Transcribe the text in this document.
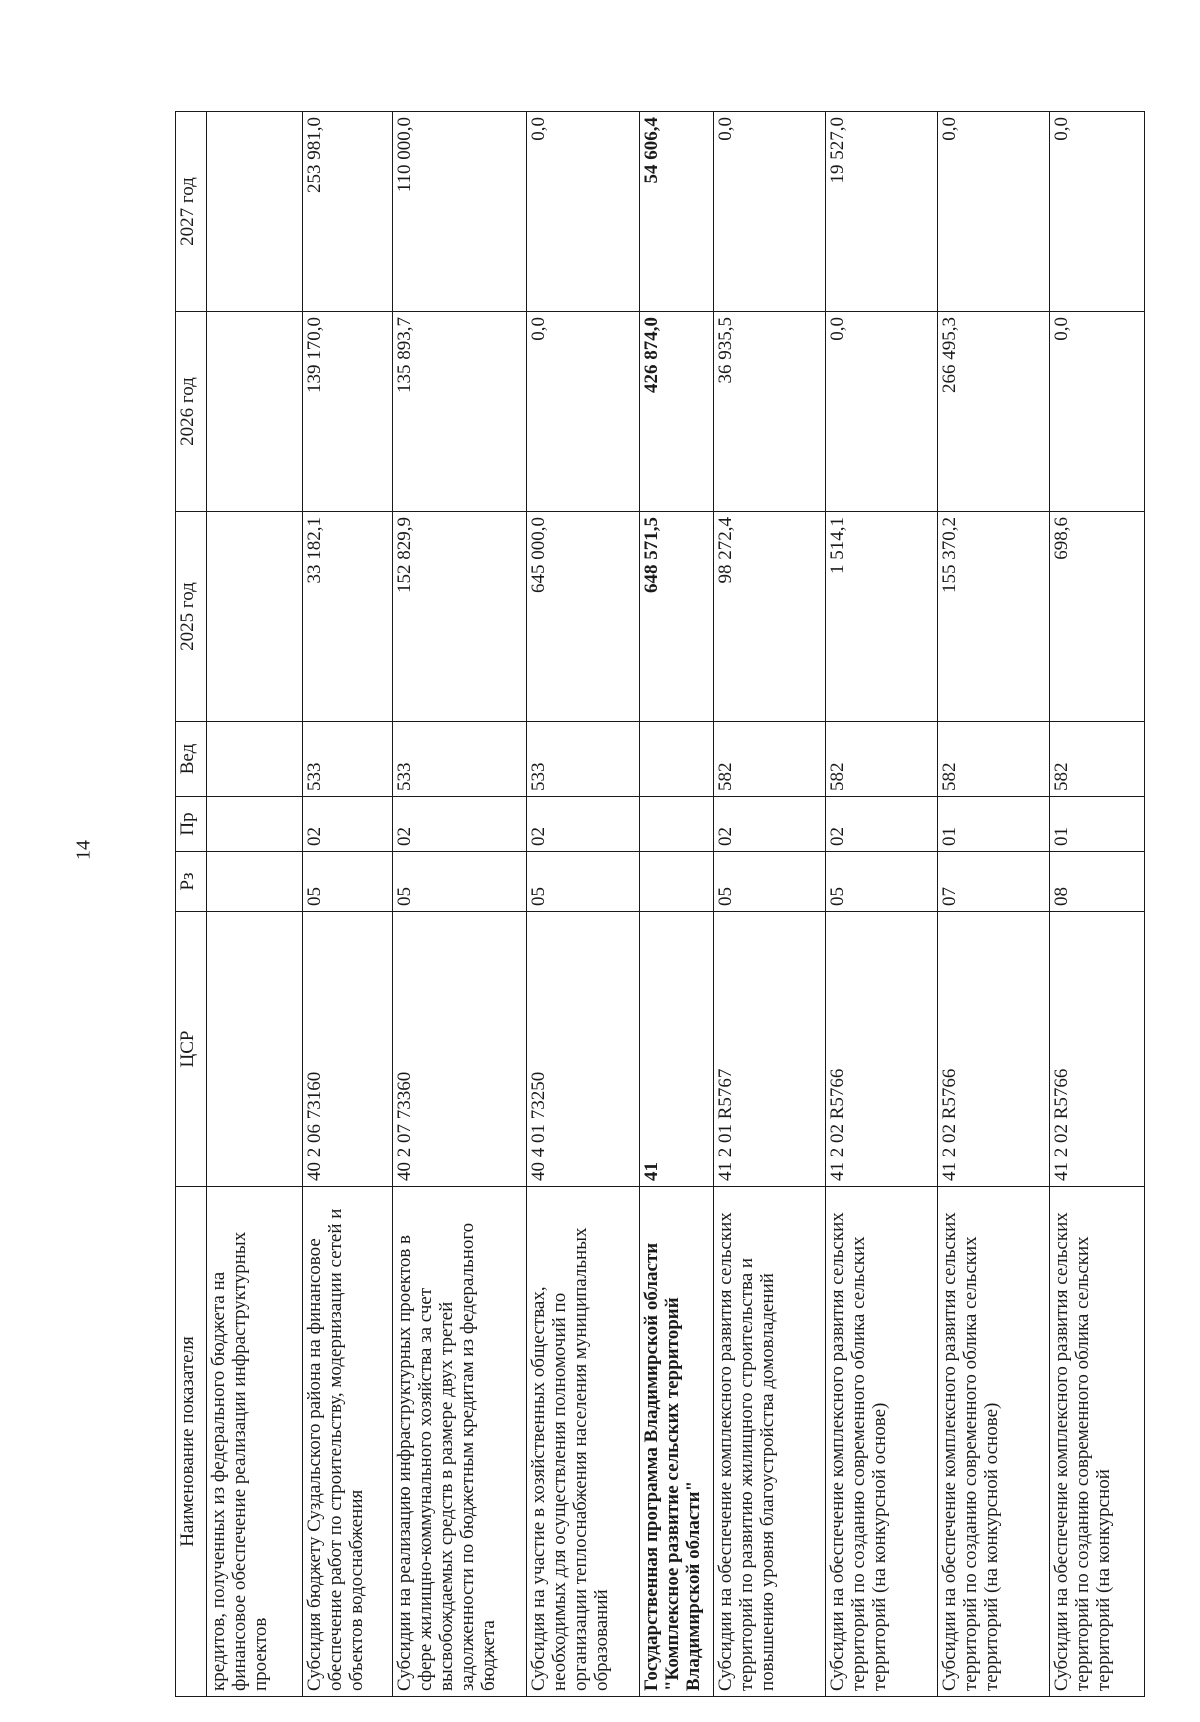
14
Наименование показателя	ЦСР	Рз	Пр	Вед	2025 год	2026 год	2027 год
кредитов, полученных из федерального бюджета на финансовое обеспечение реализации инфраструктурных проектов							
Субсидия бюджету Суздальского района на финансовое обеспечение работ по строительству, модернизации сетей и объектов водоснабжения	40 2 06 73160	05	02	533	33 182,1	139 170,0	253 981,0
Субсидии на реализацию инфраструктурных проектов в сфере жилищно-коммунального хозяйства за счет высвобождаемых средств в размере двух третей задолженности по бюджетным кредитам из федерального бюджета	40 2 07 73360	05	02	533	152 829,9	135 893,7	110 000,0
Субсидия на участие в хозяйственных обществах, необходимых для осуществления полномочий по организации теплоснабжения населения муниципальных образований	40 4 01 73250	05	02	533	645 000,0	0,0	0,0
Государственная программа Владимирской области "Комплексное развитие сельских территорий Владимирской области"	41				648 571,5	426 874,0	54 606,4
Субсидии на обеспечение комплексного развития сельских территорий по развитию жилищного строительства и повышению уровня благоустройства домовладений	41 2 01 R5767	05	02	582	98 272,4	36 935,5	0,0
Субсидии на обеспечение комплексного развития сельских территорий по созданию современного облика сельских территорий (на конкурсной основе)	41 2 02 R5766	05	02	582	1 514,1	0,0	19 527,0
Субсидии на обеспечение комплексного развития сельских территорий по созданию современного облика сельских территорий (на конкурсной основе)	41 2 02 R5766	07	01	582	155 370,2	266 495,3	0,0
Субсидии на обеспечение комплексного развития сельских территорий по созданию современного облика сельских территорий (на конкурсной	41 2 02 R5766	08	01	582	698,6	0,0	0,0
